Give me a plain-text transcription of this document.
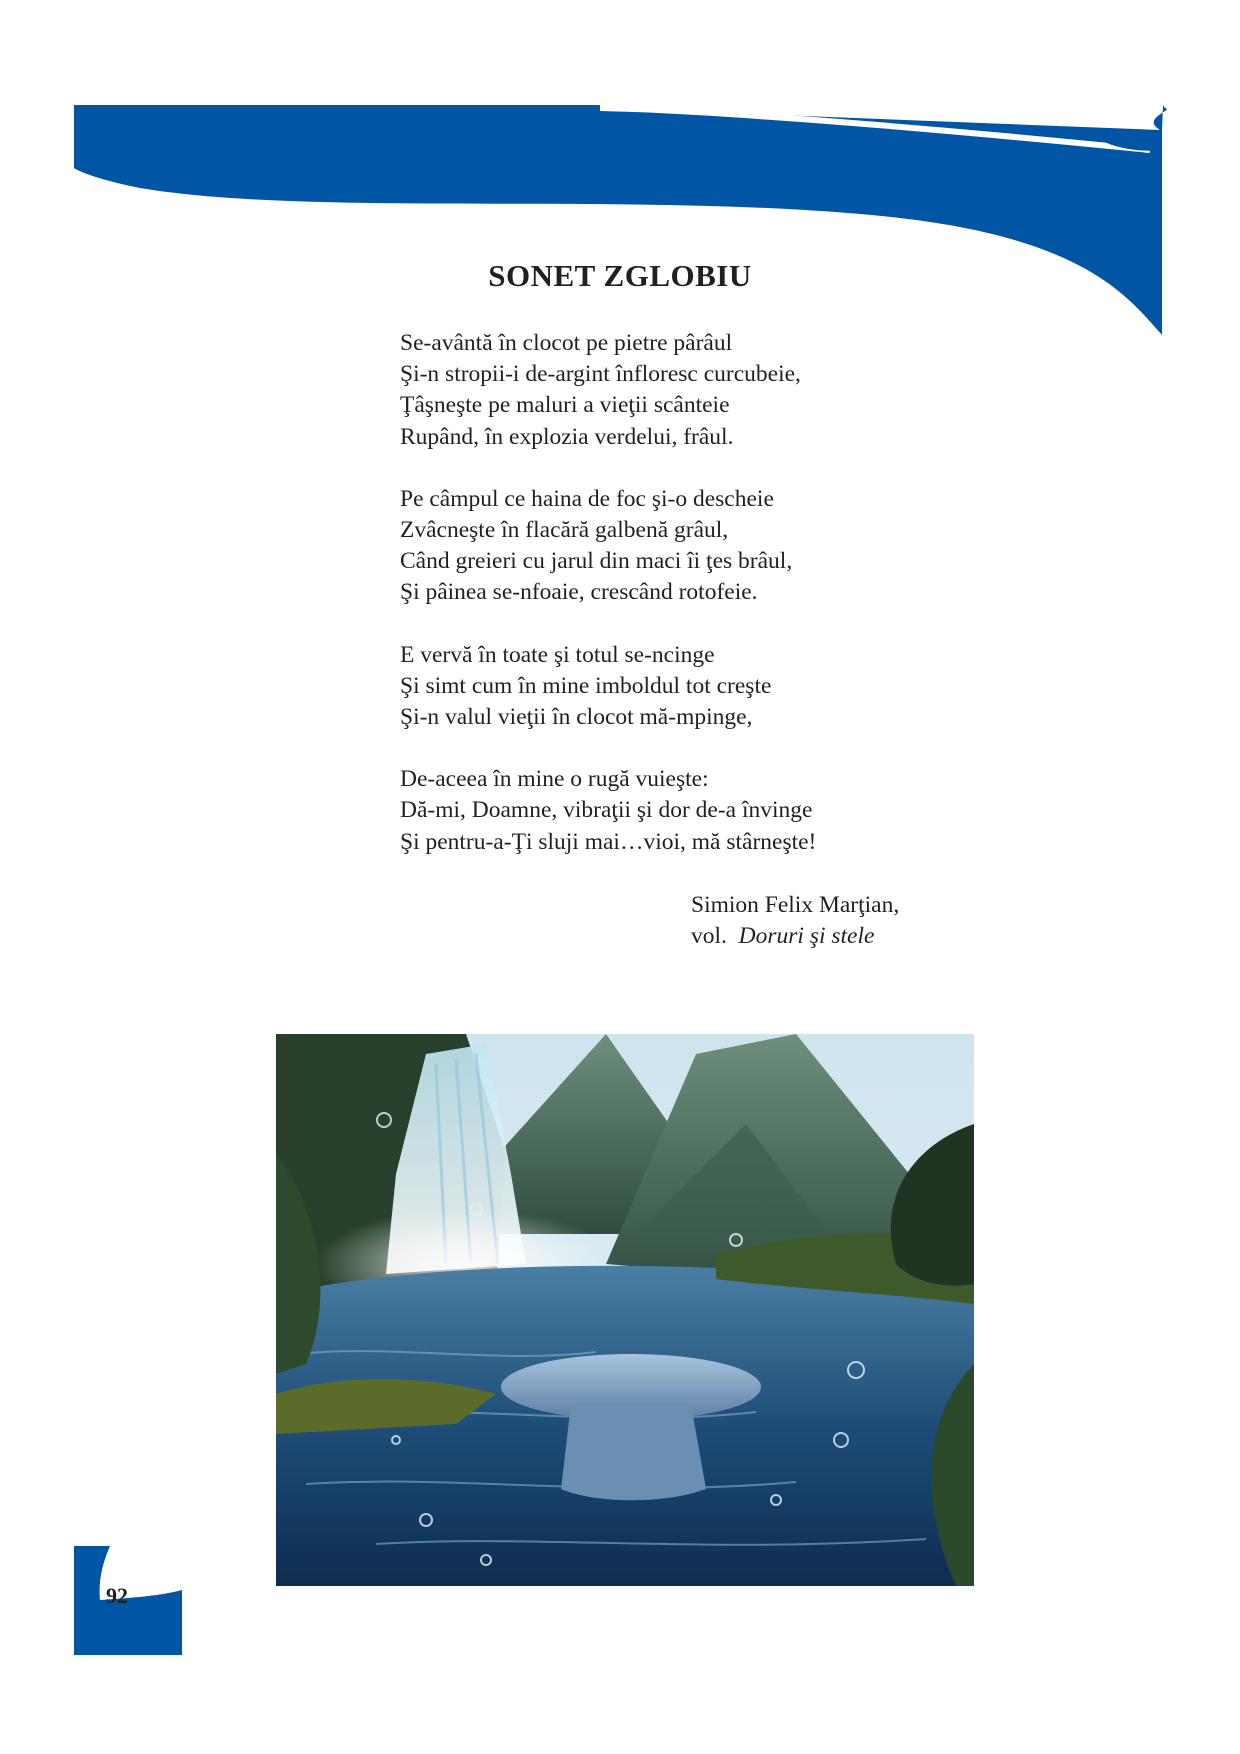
SONET ZGLOBIU

Se-avântă în clocot pe pietre pârâul
Şi-n stropii-i de-argint înfloresc curcubeie,
Ţâşneşte pe maluri a vieţii scânteie
Rupând, în explozia verdelui, frâul.

Pe câmpul ce haina de foc şi-o descheie
Zvâcneşte în flacără galbenă grâul,
Când greieri cu jarul din maci îi ţes brâul,
Şi pâinea se-nfoaie, crescând rotofeie.

E vervă în toate şi totul se-ncinge
Şi simt cum în mine imboldul tot creşte
Şi-n valul vieţii în clocot mă-mpinge,

De-aceea în mine o rugă vuieşte:
Dă-mi, Doamne, vibraţii şi dor de-a învinge
Şi pentru-a-Ţi sluji mai…vioi, mă stârneşte!

Simion Felix Marţian,
vol. Doruri şi stele
92
